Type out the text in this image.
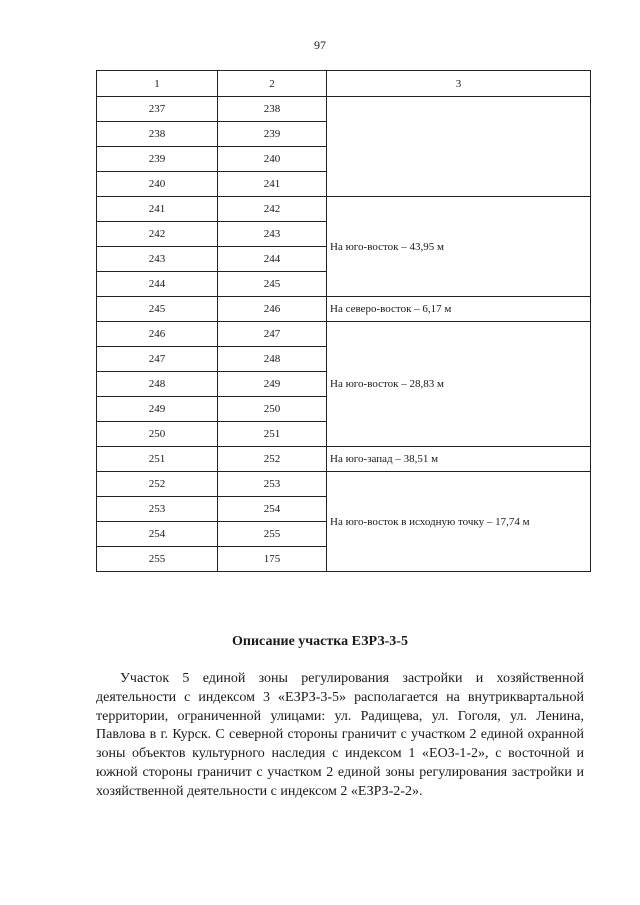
97
1	2	3
237	238	
238	239	
239	240	
240	241	
241	242	На юго-восток – 43,95 м
242	243	
243	244	
244	245	
245	246	На северо-восток – 6,17 м
246	247	На юго-восток – 28,83 м
247	248	
248	249	
249	250	
250	251	
251	252	На юго-запад – 38,51 м
252	253	На юго-восток в исходную точку – 17,74 м
253	254	
254	255	
255	175	
Описание участка ЕЗРЗ-3-5

Участок 5 единой зоны регулирования застройки и хозяйственной деятельности с индексом 3 «ЕЗРЗ-3-5» располагается на внутриквартальной территории, ограниченной улицами: ул. Радищева, ул. Гоголя, ул. Ленина, Павлова в г. Курск. С северной стороны граничит с участком 2 единой охранной зоны объектов культурного наследия с индексом 1 «ЕОЗ-1-2», с восточной и южной стороны граничит с участком 2 единой зоны регулирования застройки и хозяйственной деятельности с индексом 2 «ЕЗРЗ-2-2».
